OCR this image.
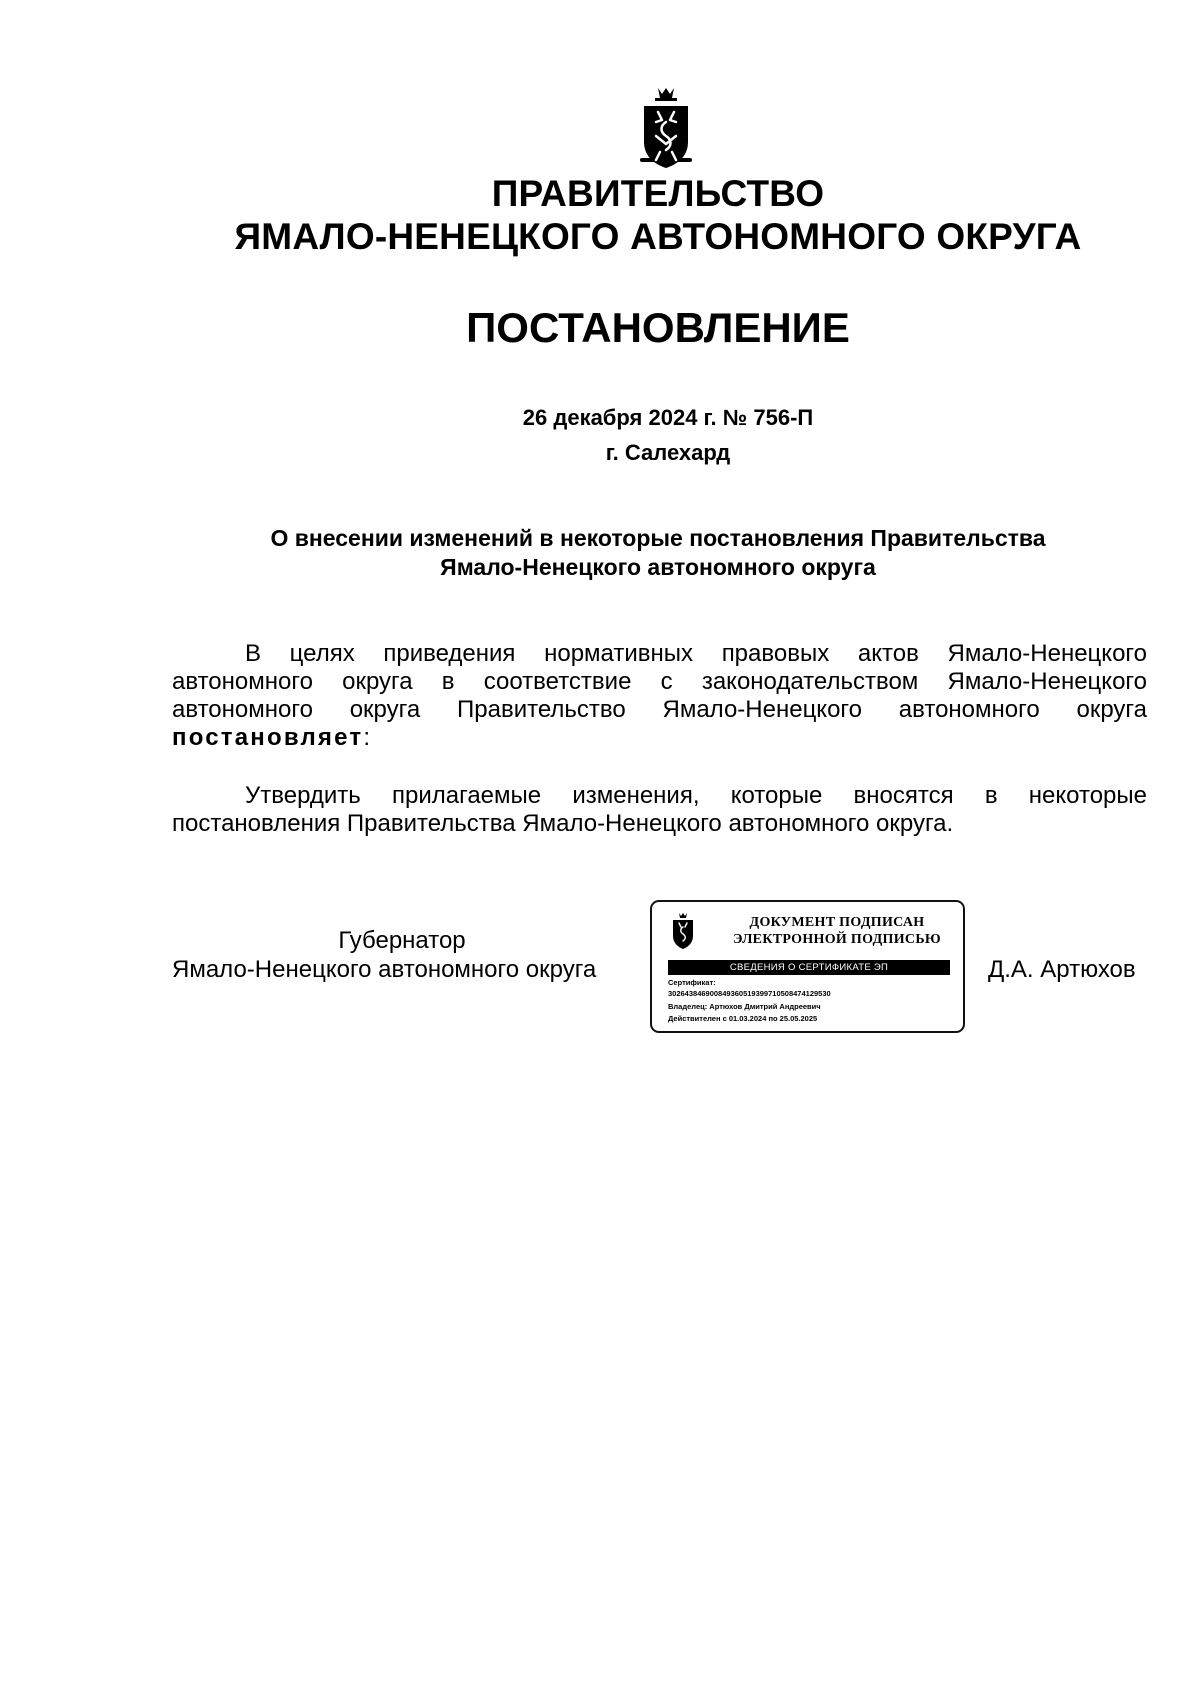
ПРАВИТЕЛЬСТВО
ЯМАЛО-НЕНЕЦКОГО АВТОНОМНОГО ОКРУГА
ПОСТАНОВЛЕНИЕ
26 декабря 2024 г. № 756-П
г. Салехард
О внесении изменений в некоторые постановления Правительства
Ямало-Ненецкого автономного округа
В целях приведения нормативных правовых актов Ямало-Ненецкого
автономного округа в соответствие с законодательством Ямало-Ненецкого
автономного округа Правительство Ямало-Ненецкого автономного округа
постановляет:
Утвердить прилагаемые изменения, которые вносятся в некоторые
постановления Правительства Ямало-Ненецкого автономного округа.
Губернатор
Ямало-Ненецкого автономного округа
ДОКУМЕНТ ПОДПИСАН
ЭЛЕКТРОННОЙ ПОДПИСЬЮ
СВЕДЕНИЯ О СЕРТИФИКАТЕ ЭП
Сертификат:
302643846900849360519399710508474129530
Владелец: Артюхов Дмитрий Андреевич
Действителен с 01.03.2024 по 25.05.2025
Д.А. Артюхов
